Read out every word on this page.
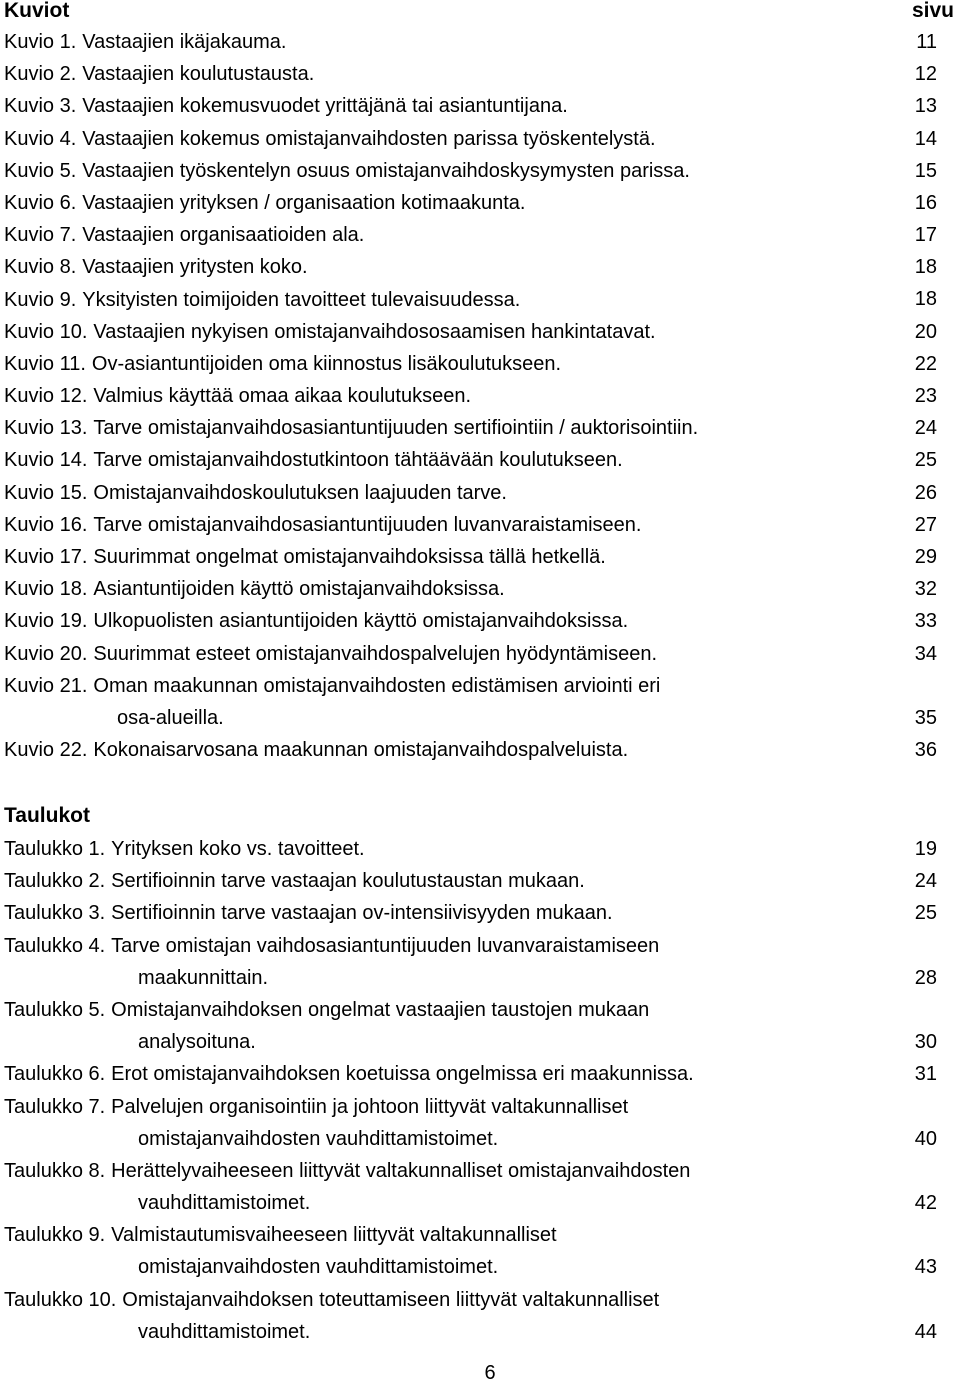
Kuviot	sivu
Kuvio 1. Vastaajien ikäjakauma.	11
Kuvio 2. Vastaajien koulutustausta.	12
Kuvio 3. Vastaajien kokemusvuodet yrittäjänä tai asiantuntijana.	13
Kuvio 4. Vastaajien kokemus omistajanvaihdosten parissa työskentelystä.	14
Kuvio 5. Vastaajien työskentelyn osuus omistajanvaihdoskysymysten parissa.	15
Kuvio 6. Vastaajien yrityksen / organisaation kotimaakunta.	16
Kuvio 7. Vastaajien organisaatioiden ala.	17
Kuvio 8. Vastaajien yritysten koko.	18
Kuvio 9. Yksityisten toimijoiden tavoitteet tulevaisuudessa.	18
Kuvio 10. Vastaajien nykyisen omistajanvaihdososaamisen hankintatavat.	20
Kuvio 11. Ov-asiantuntijoiden oma kiinnostus lisäkoulutukseen.	22
Kuvio 12. Valmius käyttää omaa aikaa koulutukseen.	23
Kuvio 13. Tarve omistajanvaihdosasiantuntijuuden sertifiointiin / auktorisointiin.	24
Kuvio 14. Tarve omistajanvaihdostutkintoon tähtäävään koulutukseen.	25
Kuvio 15. Omistajanvaihdoskoulutuksen laajuuden tarve.	26
Kuvio 16. Tarve omistajanvaihdosasiantuntijuuden luvanvaraistamiseen.	27
Kuvio 17. Suurimmat ongelmat omistajanvaihdoksissa tällä hetkellä.	29
Kuvio 18. Asiantuntijoiden käyttö omistajanvaihdoksissa.	32
Kuvio 19. Ulkopuolisten asiantuntijoiden käyttö omistajanvaihdoksissa.	33
Kuvio 20. Suurimmat esteet omistajanvaihdospalvelujen hyödyntämiseen.	34
Kuvio 21. Oman maakunnan omistajanvaihdosten edistämisen arviointi eri
osa-alueilla.	35
Kuvio 22. Kokonaisarvosana maakunnan omistajanvaihdospalveluista.	36
Taulukot
Taulukko 1. Yrityksen koko vs. tavoitteet.	19
Taulukko 2. Sertifioinnin tarve vastaajan koulutustaustan mukaan.	24
Taulukko 3. Sertifioinnin tarve vastaajan ov-intensiivisyyden mukaan.	25
Taulukko 4. Tarve omistajan vaihdosasiantuntijuuden luvanvaraistamiseen
maakunnittain.	28
Taulukko 5. Omistajanvaihdoksen ongelmat vastaajien taustojen mukaan
analysoituna.	30
Taulukko 6. Erot omistajanvaihdoksen koetuissa ongelmissa eri maakunnissa.	31
Taulukko 7. Palvelujen organisointiin ja johtoon liittyvät valtakunnalliset
omistajanvaihdosten vauhdittamistoimet.	40
Taulukko 8. Herättelyvaiheeseen liittyvät valtakunnalliset omistajanvaihdosten
vauhdittamistoimet.	42
Taulukko 9. Valmistautumisvaiheeseen liittyvät valtakunnalliset
omistajanvaihdosten vauhdittamistoimet.	43
Taulukko 10. Omistajanvaihdoksen toteuttamiseen liittyvät valtakunnalliset
vauhdittamistoimet.	44
6
